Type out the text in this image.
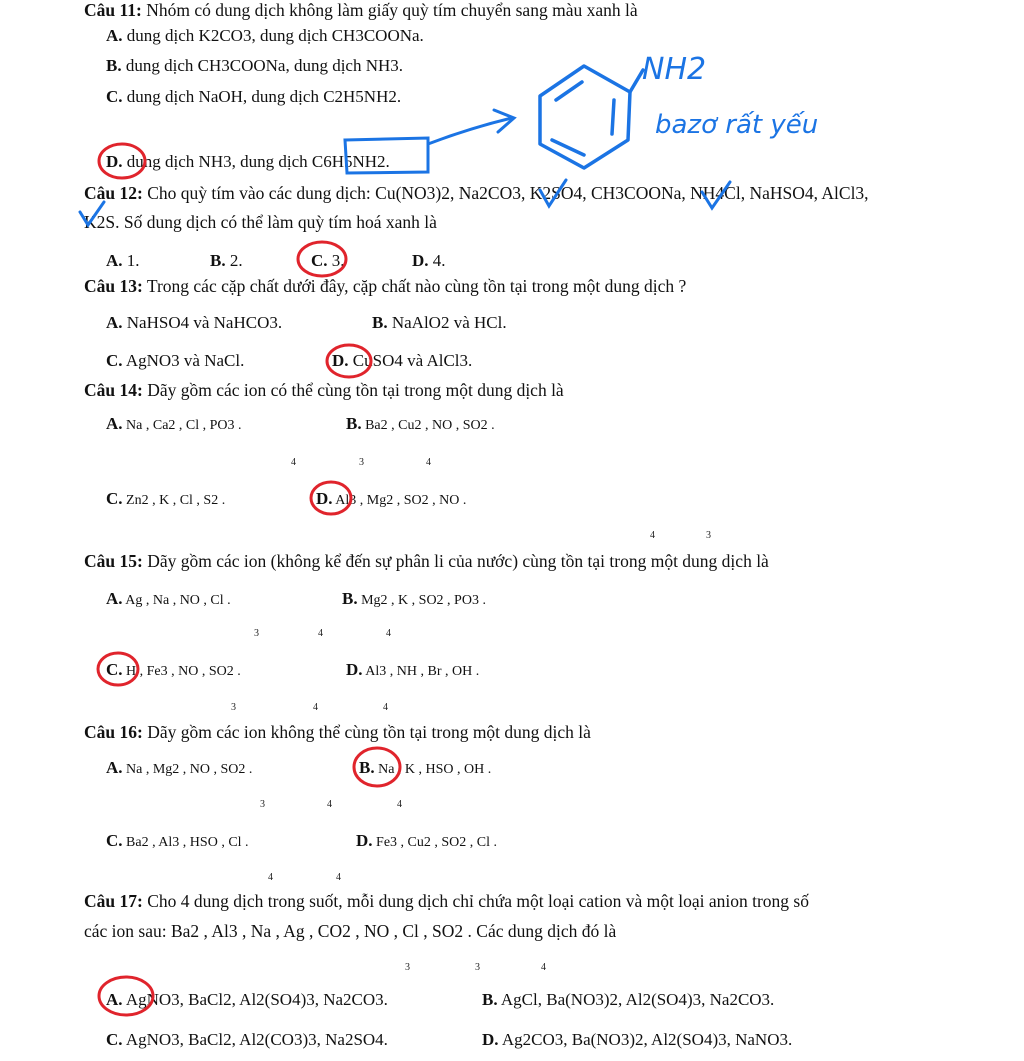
Câu 11: Nhóm có dung dịch không làm giấy quỳ tím chuyển sang màu xanh là
A. dung dịch K2CO3, dung dịch CH3COONa.
B. dung dịch CH3COONa, dung dịch NH3.
C. dung dịch NaOH, dung dịch C2H5NH2.
D. dung dịch NH3, dung dịch C6H5NH2.
Câu 12: Cho quỳ tím vào các dung dịch: Cu(NO3)2, Na2CO3, K2SO4, CH3COONa, NH4Cl, NaHSO4, AlCl3,
K2S. Số dung dịch có thể làm quỳ tím hoá xanh là
A. 1.	B. 2.	C. 3.	D. 4.
Câu 13: Trong các cặp chất dưới đây, cặp chất nào cùng tồn tại trong một dung dịch ?
A. NaHSO4 và NaHCO3.	B. NaAlO2 và HCl.
C. AgNO3 và NaCl.	D. CuSO4 và AlCl3.
Câu 14: Dãy gồm các ion có thể cùng tồn tại trong một dung dịch là
A. Na , Ca2 , Cl , PO3 .	B. Ba2 , Cu2 , NO , SO2 .
4	3	4
C. Zn2 , K , Cl , S2 .	D. Al3 , Mg2 , SO2 , NO .
4	3
Câu 15: Dãy gồm các ion (không kể đến sự phân li của nước) cùng tồn tại trong một dung dịch là
A. Ag , Na , NO , Cl .	B. Mg2 , K , SO2 , PO3 .
3	4	4
C. H , Fe3 , NO , SO2 .	D. Al3 , NH , Br , OH .
3	4	4
Câu 16: Dãy gồm các ion không thể cùng tồn tại trong một dung dịch là
A. Na , Mg2 , NO , SO2 .	B. Na , K , HSO , OH .
3	4	4
C. Ba2 , Al3 , HSO , Cl .	D. Fe3 , Cu2 , SO2 , Cl .
4	4
Câu 17: Cho 4 dung dịch trong suốt, mỗi dung dịch chỉ chứa một loại cation và một loại anion trong số
các ion sau: Ba2 , Al3 , Na , Ag , CO2 , NO , Cl , SO2 . Các dung dịch đó là
3	3	4
A. AgNO3, BaCl2, Al2(SO4)3, Na2CO3.	B. AgCl, Ba(NO3)2, Al2(SO4)3, Na2CO3.
C. AgNO3, BaCl2, Al2(CO3)3, Na2SO4.	D. Ag2CO3, Ba(NO3)2, Al2(SO4)3, NaNO3.
NH2
bazơ rất yếu
